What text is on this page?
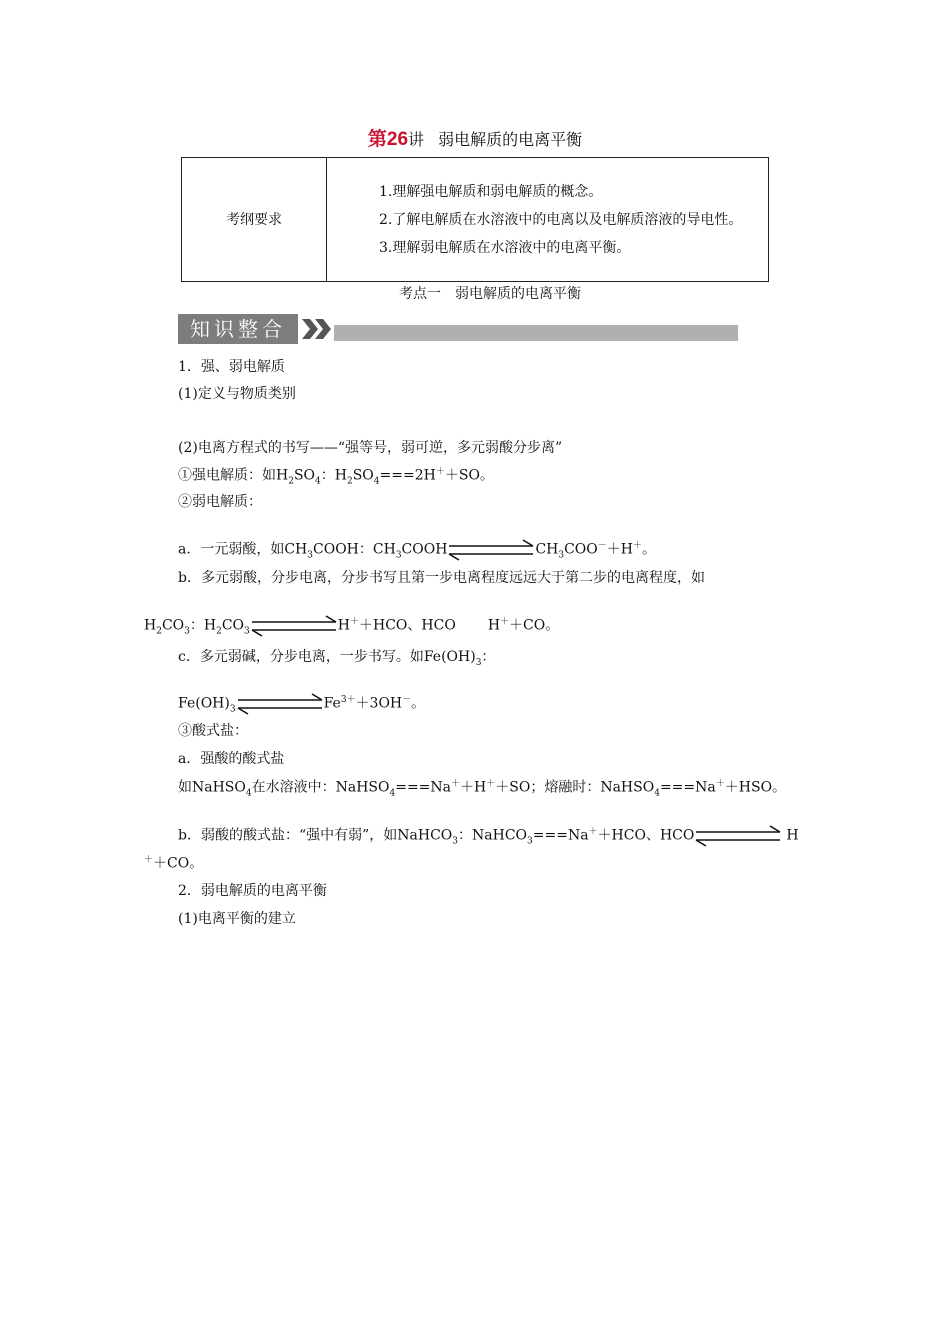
第26讲 弱电解质的电离平衡
考纲要求	
1.理解强电解质和弱电解质的概念。
2.了解电解质在水溶液中的电离以及电解质溶液的导电性。
3.理解弱电解质在水溶液中的电离平衡。
考点一　弱电解质的电离平衡
知识整合
1．强、弱电解质
(1)定义与物质类别
(2)电离方程式的书写——“强等号，弱可逆，多元弱酸分步离”
①强电解质：如$H_2SO_4$：$H_2SO_4===2H^++SO$。
②弱电解质：
a．一元弱酸，如$CH_3COOH$：$CH_3COOH$	$CH_3COO^-+H^+$。
b．多元弱酸，分步电离，分步书写且第一步电离程度远远大于第二步的电离程度，如
$H_2CO_3$：$H_2CO_3$	H＋＋HCO、HCO H＋＋CO。
c．多元弱碱，分步电离，一步书写。如$Fe(OH)_3$：
$Fe(OH)_3$	$Fe^{3+}+3OH^-$。
③酸式盐：
a．强酸的酸式盐
如NaHSO$_4$在水溶液中：NaHSO$_4$===Na＋＋H＋＋SO；熔融时：NaHSO$_4$===Na＋＋HSO。
b．弱酸的酸式盐：“强中有弱”，如NaHCO$_3$：NaHCO$_3$===Na＋＋HCO、HCO	H
＋＋CO。
2．弱电解质的电离平衡
(1)电离平衡的建立
